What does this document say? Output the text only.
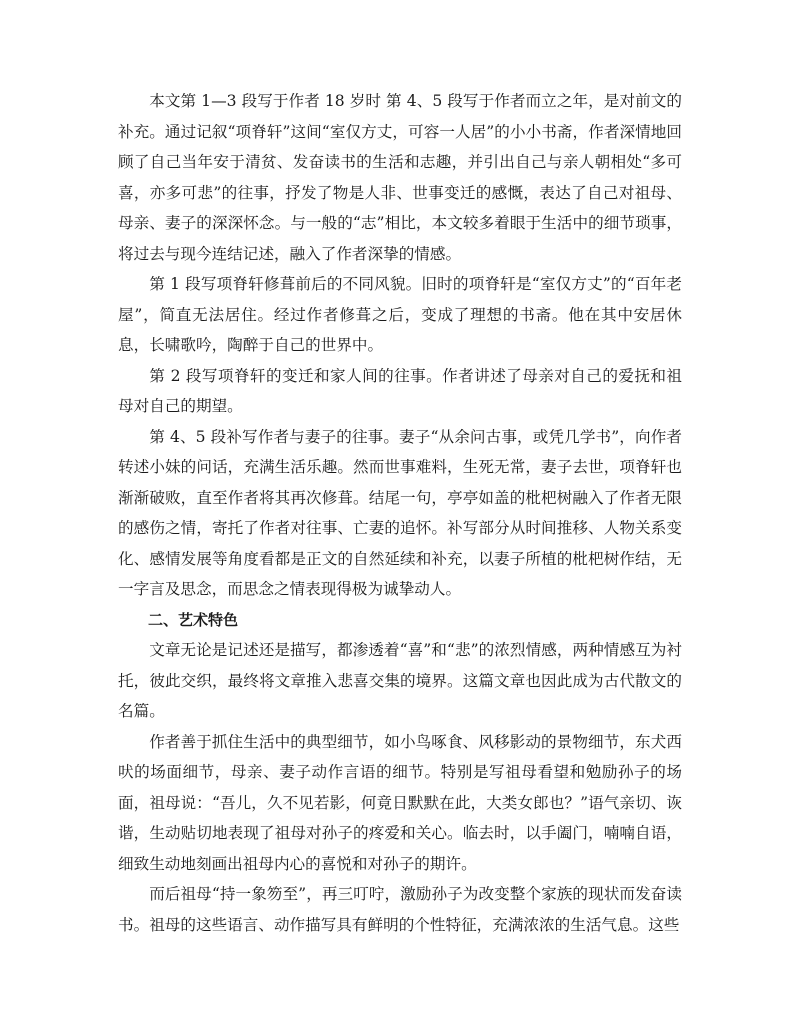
本文第 1—3 段写于作者 18 岁时 第 4、5 段写于作者而立之年，是对前文的补充。通过记叙“项脊轩”这间“室仅方丈，可容一人居”的小小书斋，作者深情地回顾了自己当年安于清贫、发奋读书的生活和志趣，并引出自己与亲人朝相处“多可喜，亦多可悲”的往事，抒发了物是人非、世事变迁的感慨，表达了自己对祖母、母亲、妻子的深深怀念。与一般的“志”相比，本文较多着眼于生活中的细节琐事，将过去与现今连结记述，融入了作者深挚的情感。

第 1 段写项脊轩修葺前后的不同风貌。旧时的项脊轩是“室仅方丈”的“百年老屋”，简直无法居住。经过作者修葺之后，变成了理想的书斋。他在其中安居休息，长啸歌吟，陶醉于自己的世界中。

第 2 段写项脊轩的变迁和家人间的往事。作者讲述了母亲对自己的爱抚和祖母对自己的期望。

第 4、5 段补写作者与妻子的往事。妻子“从余问古事，或凭几学书”，向作者转述小妹的问话，充满生活乐趣。然而世事难料，生死无常，妻子去世，项脊轩也渐渐破败，直至作者将其再次修葺。结尾一句，亭亭如盖的枇杷树融入了作者无限的感伤之情，寄托了作者对往事、亡妻的追怀。补写部分从时间推移、人物关系变化、感情发展等角度看都是正文的自然延续和补充，以妻子所植的枇杷树作结，无一字言及思念，而思念之情表现得极为诚挚动人。

二、艺术特色

文章无论是记述还是描写，都渗透着“喜”和“悲”的浓烈情感，两种情感互为衬托，彼此交织，最终将文章推入悲喜交集的境界。这篇文章也因此成为古代散文的名篇。

作者善于抓住生活中的典型细节，如小鸟啄食、风移影动的景物细节，东犬西吠的场面细节，母亲、妻子动作言语的细节。特别是写祖母看望和勉励孙子的场面，祖母说：“吾儿，久不见若影，何竟日默默在此，大类女郎也？”语气亲切、诙谐，生动贴切地表现了祖母对孙子的疼爱和关心。临去时，以手阖门，喃喃自语，细致生动地刻画出祖母内心的喜悦和对孙子的期许。

而后祖母“持一象笏至”，再三叮咛，激励孙子为改变整个家族的现状而发奋读书。祖母的这些语言、动作描写具有鲜明的个性特征，充满浓浓的生活气息。这些
